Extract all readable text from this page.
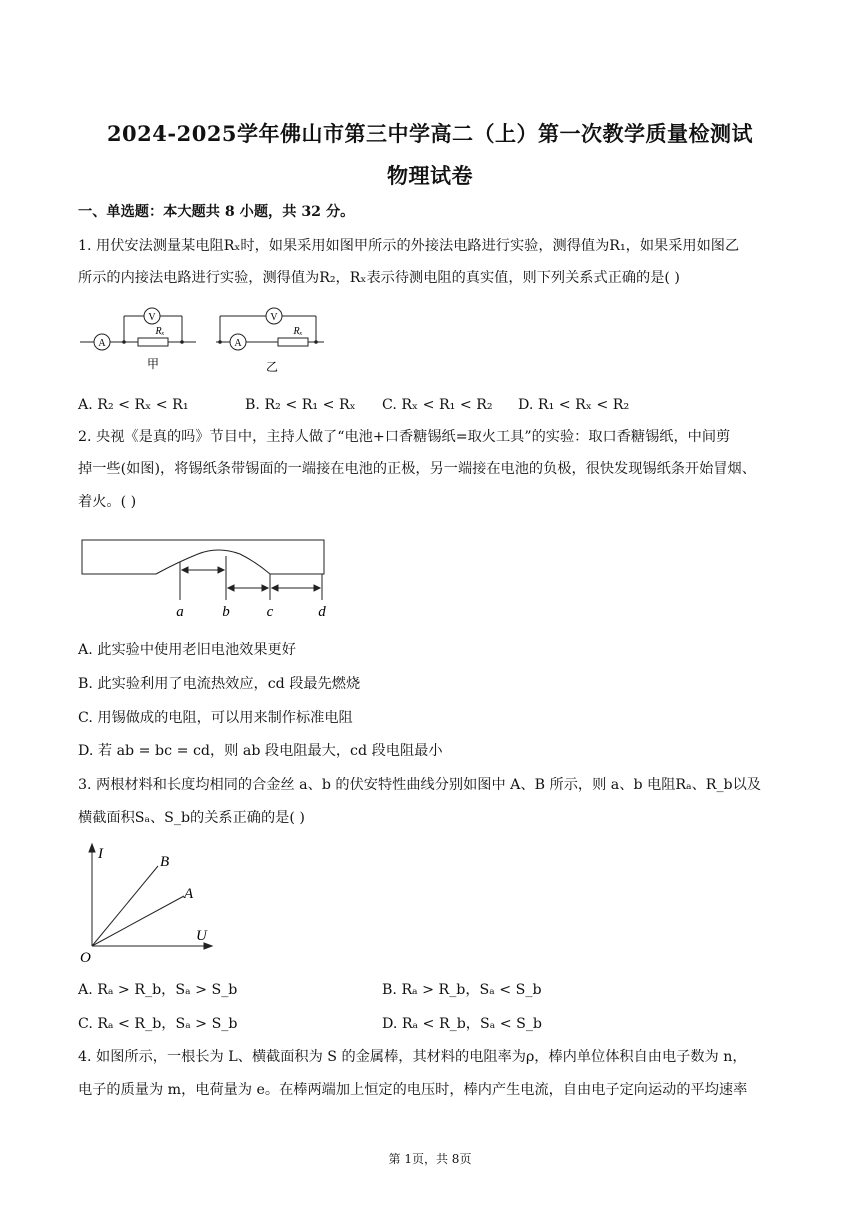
2024-2025学年佛山市第三中学高二（上）第一次教学质量检测试
物理试卷
一、单选题：本大题共 8 小题，共 32 分。
1. 用伏安法测量某电阻Rₓ时，如果采用如图甲所示的外接法电路进行实验，测得值为R₁，如果采用如图乙
所示的内接法电路进行实验，测得值为R₂，Rₓ表示待测电阻的真实值，则下列关系式正确的是( )
A
V
Rₓ
甲
A
V
Rₓ
乙
A. R₂ < Rₓ < R₁	B. R₂ < R₁ < Rₓ C. Rₓ < R₁ < R₂ D. R₁ < Rₓ < R₂
2. 央视《是真的吗》节目中，主持人做了“电池+口香糖锡纸=取火工具”的实验：取口香糖锡纸，中间剪
掉一些(如图)，将锡纸条带锡面的一端接在电池的正极，另一端接在电池的负极，很快发现锡纸条开始冒烟、
着火。( )
a	b c	d
A. 此实验中使用老旧电池效果更好
B. 此实验利用了电流热效应，cd 段最先燃烧
C. 用锡做成的电阻，可以用来制作标准电阻
D. 若 ab = bc = cd，则 ab 段电阻最大，cd 段电阻最小
3. 两根材料和长度均相同的合金丝 a、b 的伏安特性曲线分别如图中 A、B 所示，则 a、b 电阻Rₐ、R_b以及
横截面积Sₐ、S_b的关系正确的是( )
I
U
O
B
A
A. Rₐ > R_b，Sₐ > S_b	B. Rₐ > R_b，Sₐ < S_b
C. Rₐ < R_b，Sₐ > S_b	D. Rₐ < R_b，Sₐ < S_b
4. 如图所示，一根长为 L、横截面积为 S 的金属棒，其材料的电阻率为ρ，棒内单位体积自由电子数为 n，
电子的质量为 m，电荷量为 e。在棒两端加上恒定的电压时，棒内产生电流，自由电子定向运动的平均速率
第 1页，共 8页
